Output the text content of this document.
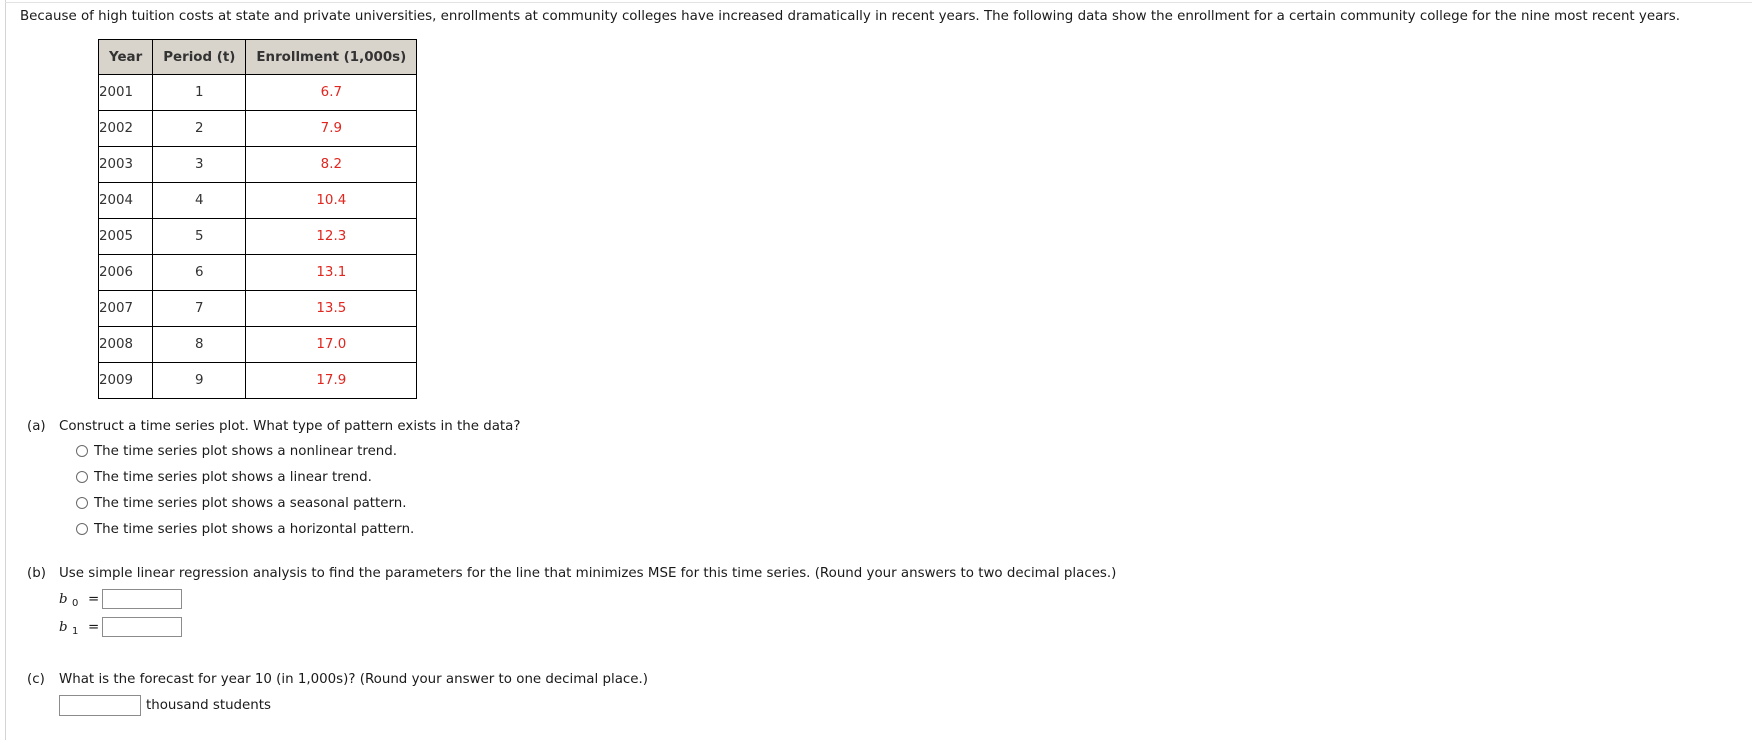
Because of high tuition costs at state and private universities, enrollments at community colleges have increased dramatically in recent years. The following data show the enrollment for a certain community college for the nine most recent years.
Year	Period (t)	Enrollment (1,000s)
2001	1	6.7
2002	2	7.9
2003	3	8.2
2004	4	10.4
2005	5	12.3
2006	6	13.1
2007	7	13.5
2008	8	17.0
2009	9	17.9
(a) Construct a time series plot. What type of pattern exists in the data?
The time series plot shows a nonlinear trend.
The time series plot shows a linear trend.
The time series plot shows a seasonal pattern.
The time series plot shows a horizontal pattern.
(b) Use simple linear regression analysis to find the parameters for the line that minimizes MSE for this time series. (Round your answers to two decimal places.)
b 0 =
b 1 =
(c) What is the forecast for year 10 (in 1,000s)? (Round your answer to one decimal place.)
thousand students
